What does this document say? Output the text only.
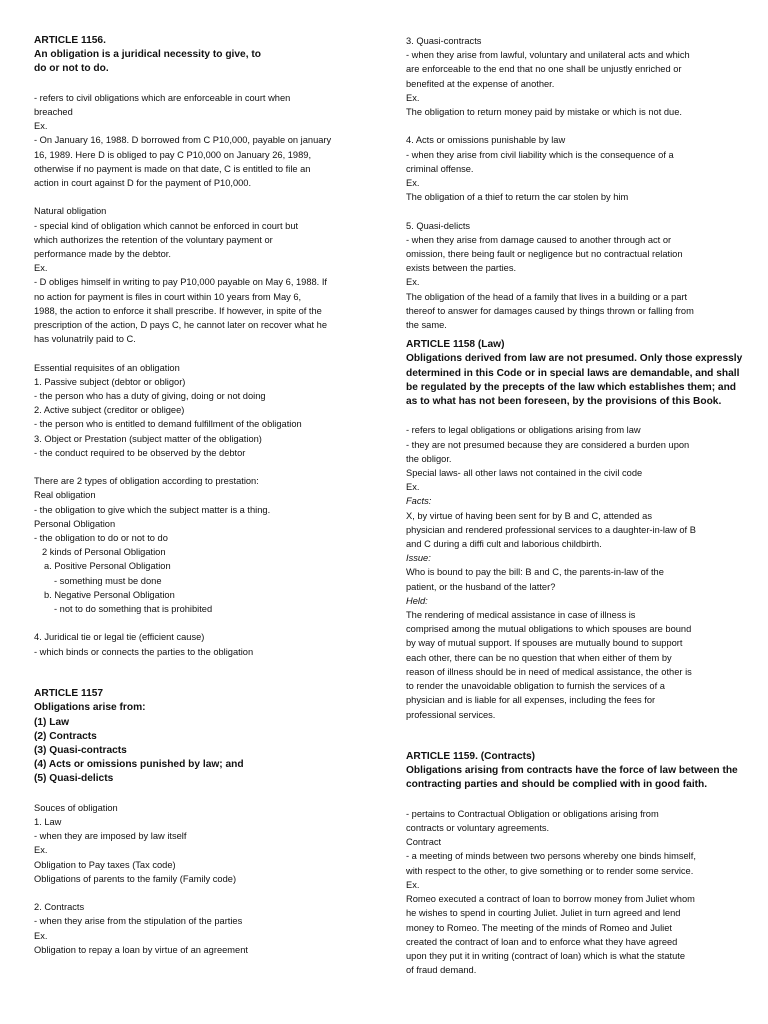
ARTICLE 1156.
An obligation is a juridical necessity to give, to
do or not to do.
- refers to civil obligations which are enforceable in court when
breached
Ex.
- On January 16, 1988. D borrowed from C P10,000, payable on january
16, 1989. Here D is obliged to pay C P10,000 on January 26, 1989,
otherwise if no payment is made on that date, C is entitled to file an
action in court against D for the payment of P10,000.
Natural obligation
- special kind of obligation which cannot be enforced in court but
which authorizes the retention of the voluntary payment or
performance made by the debtor.
Ex.
- D obliges himself in writing to pay P10,000 payable on May 6, 1988. If
no action for payment is files in court within 10 years from May 6,
1988, the action to enforce it shall prescribe. If however, in spite of the
prescription of the action, D pays C, he cannot later on recover what he
has volunatrily paid to C.
Essential requisites of an obligation
1. Passive subject (debtor or obligor)
- the person who has a duty of giving, doing or not doing
2. Active subject (creditor or obligee)
- the person who is entitled to demand fulfillment of the obligation
3. Object or Prestation (subject matter of the obligation)
- the conduct required to be observed by the debtor
There are 2 types of obligation according to prestation:
Real obligation
- the obligation to give which the subject matter is a thing.
Personal Obligation
- the obligation to do or not to do
2 kinds of Personal Obligation
a. Positive Personal Obligation
- something must be done
b. Negative Personal Obligation
- not to do something that is prohibited
4. Juridical tie or legal tie (efficient cause)
- which binds or connects the parties to the obligation
ARTICLE 1157
Obligations arise from:
(1) Law
(2) Contracts
(3) Quasi-contracts
(4) Acts or omissions punished by law; and
(5) Quasi-delicts
Souces of obligation
1. Law
- when they are imposed by law itself
Ex.
Obligation to Pay taxes (Tax code)
Obligations of parents to the family (Family code)
2. Contracts
- when they arise from the stipulation of the parties
Ex.
Obligation to repay a loan by virtue of an agreement
3. Quasi-contracts
- when they arise from lawful, voluntary and unilateral acts and which
are enforceable to the end that no one shall be unjustly enriched or
benefited at the expense of another.
Ex.
The obligation to return money paid by mistake or which is not due.
4. Acts or omissions punishable by law
- when they arise from civil liability which is the consequence of a
criminal offense.
Ex.
The obligation of a thief to return the car stolen by him
5. Quasi-delicts
- when they arise from damage caused to another through act or
omission, there being fault or negligence but no contractual relation
exists between the parties.
Ex.
The obligation of the head of a family that lives in a building or a part
thereof to answer for damages caused by things thrown or falling from
the same.
ARTICLE 1158 (Law)
Obligations derived from law are not presumed. Only those expressly
determined in this Code or in special laws are demandable, and shall
be regulated by the precepts of the law which establishes them; and
as to what has not been foreseen, by the provisions of this Book.
- refers to legal obligations or obligations arising from law
- they are not presumed because they are considered a burden upon
the obligor.
Special laws- all other laws not contained in the civil code
Ex.
Facts:
X, by virtue of having been sent for by B and C, attended as
physician and rendered professional services to a daughter-in-law of B
and C during a diffi cult and laborious childbirth.
Issue:
Who is bound to pay the bill: B and C, the parents-in-law of the
patient, or the husband of the latter?
Held:
The rendering of medical assistance in case of illness is
comprised among the mutual obligations to which spouses are bound
by way of mutual support. If spouses are mutually bound to support
each other, there can be no question that when either of them by
reason of illness should be in need of medical assistance, the other is
to render the unavoidable obligation to furnish the services of a
physician and is liable for all expenses, including the fees for
professional services.
ARTICLE 1159. (Contracts)
Obligations arising from contracts have the force of law between the
contracting parties and should be complied with in good faith.
- pertains to Contractual Obligation or obligations arising from
contracts or voluntary agreements.
Contract
- a meeting of minds between two persons whereby one binds himself,
with respect to the other, to give something or to render some service.
Ex.
Romeo executed a contract of loan to borrow money from Juliet whom
he wishes to spend in courting Juliet. Juliet in turn agreed and lend
money to Romeo. The meeting of the minds of Romeo and Juliet
created the contract of loan and to enforce what they have agreed
upon they put it in writing (contract of loan) which is what the statute
of fraud demand.
